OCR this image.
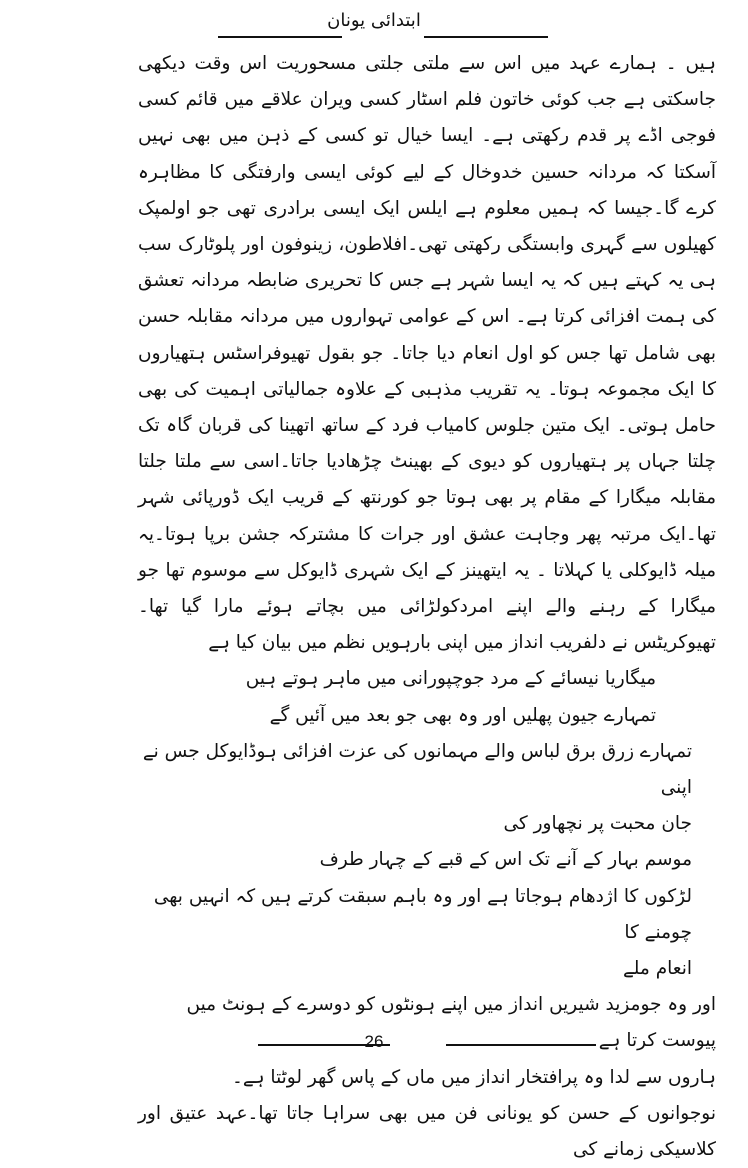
ابتدائی یونان

ہیں ۔ ہمارے عہد میں اس سے ملتی جلتی مسحوریت اس وقت دیکھی جاسکتی ہے جب کوئی خاتون فلم اسٹار کسی ویران علاقے میں قائم کسی فوجی اڈے پر قدم رکھتی ہے۔ ایسا خیال تو کسی کے ذہن میں بھی نہیں آسکتا کہ مردانہ حسین خدوخال کے لیے کوئی ایسی وارفتگی کا مظاہرہ کرے گا۔جیسا کہ ہمیں معلوم ہے ایلس ایک ایسی برادری تھی جو اولمپک کھیلوں سے گہری وابستگی رکھتی تھی۔افلاطون، زینوفون اور پلوٹارک سب ہی یہ کہتے ہیں کہ یہ ایسا شہر ہے جس کا تحریری ضابطہ مردانہ تعشق کی ہمت افزائی کرتا ہے۔ اس کے عوامی تہواروں میں مردانہ مقابلہ حسن بھی شامل تھا جس کو اول انعام دیا جاتا۔ جو بقول تھیوفراسٹس ہتھیاروں کا ایک مجموعہ ہوتا۔ یہ تقریب مذہبی کے علاوہ جمالیاتی اہمیت کی بھی حامل ہوتی۔ ایک متین جلوس کامیاب فرد کے ساتھ اتھینا کی قربان گاہ تک چلتا جہاں پر ہتھیاروں کو دیوی کے بھینٹ چڑھادیا جاتا۔اسی سے ملتا جلتا مقابلہ میگارا کے مقام پر بھی ہوتا جو کورنتھ کے قریب ایک ڈورپائی شہر تھا۔ایک مرتبہ پھر وجاہت عشق اور جرات کا مشترکہ جشن برپا ہوتا۔یہ میلہ ڈایوکلی یا کہلاتا ۔ یہ ایتھینز کے ایک شہری ڈایوکل سے موسوم تھا جو میگارا کے رہنے والے اپنے امردکولڑائی میں بچاتے ہوئے مارا گیا تھا۔تھیوکریٹس نے دلفریب انداز میں اپنی بارہویں نظم میں بیان کیا ہے

میگاریا نیسائے کے مرد جوچپورانی میں ماہر ہوتے ہیں

تمہارے جیون پھلیں اور وہ بھی جو بعد میں آئیں گے

تمہارے زرق برق لباس والے مہمانوں کی عزت افزائی ہوڈایوکل جس نے اپنی

جان محبت پر نچھاور کی

موسم بہار کے آنے تک اس کے قبے کے چہار طرف

لڑکوں کا اژدھام ہوجاتا ہے اور وہ باہم سبقت کرتے ہیں کہ انہیں بھی چومنے کا

انعام ملے

اور وہ جومزید شیریں انداز میں اپنے ہونٹوں کو دوسرے کے ہونٹ میں پیوست کرتا ہے

ہاروں سے لدا وہ پرافتخار انداز میں ماں کے پاس گھر لوٹتا ہے۔

نوجوانوں کے حسن کو یونانی فن میں بھی سراہا جاتا تھا۔عہد عتیق اور کلاسیکی زمانے کی

26
